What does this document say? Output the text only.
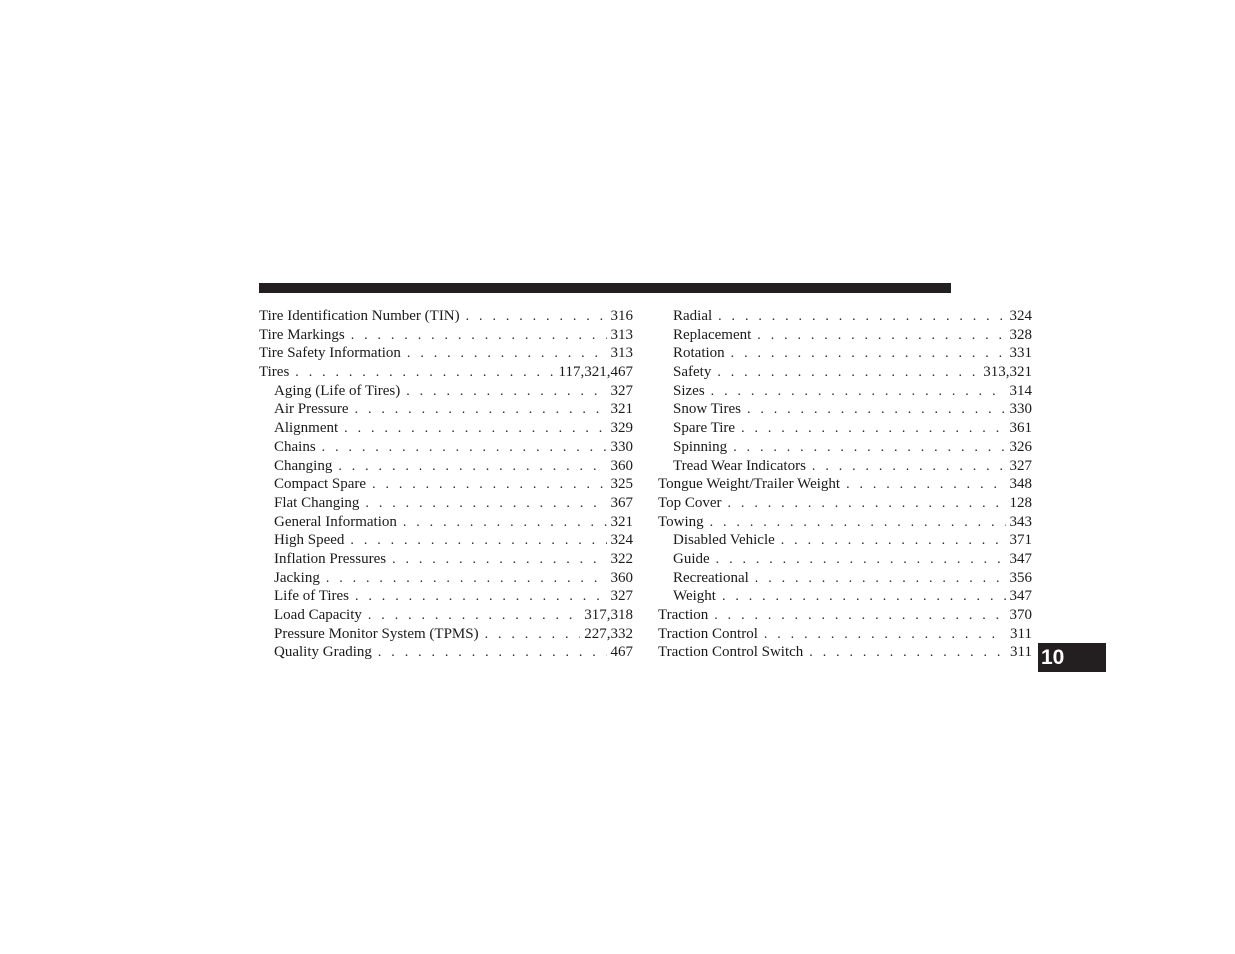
Tire Identification Number (TIN) . . .	316
Tire Markings . . .	313
Tire Safety Information . . .	313
Tires . . .	117,321,467
Aging (Life of Tires) . . .	327
Air Pressure . . .	321
Alignment . . .	329
Chains . . .	330
Changing . . .	360
Compact Spare . . .	325
Flat Changing . . .	367
General Information . . .	321
High Speed . . .	324
Inflation Pressures . . .	322
Jacking . . .	360
Life of Tires . . .	327
Load Capacity . . .	317,318
Pressure Monitor System (TPMS) . . .	227,332
Quality Grading . . .	467
Radial . . .	324
Replacement . . .	328
Rotation . . .	331
Safety . . .	313,321
Sizes . . .	314
Snow Tires . . .	330
Spare Tire . . .	361
Spinning . . .	326
Tread Wear Indicators . . .	327
Tongue Weight/Trailer Weight . . .	348
Top Cover . . .	128
Towing . . .	343
Disabled Vehicle . . .	371
Guide . . .	347
Recreational . . .	356
Weight . . .	347
Traction . . .	370
Traction Control . . .	311
Traction Control Switch . . .	311 10
